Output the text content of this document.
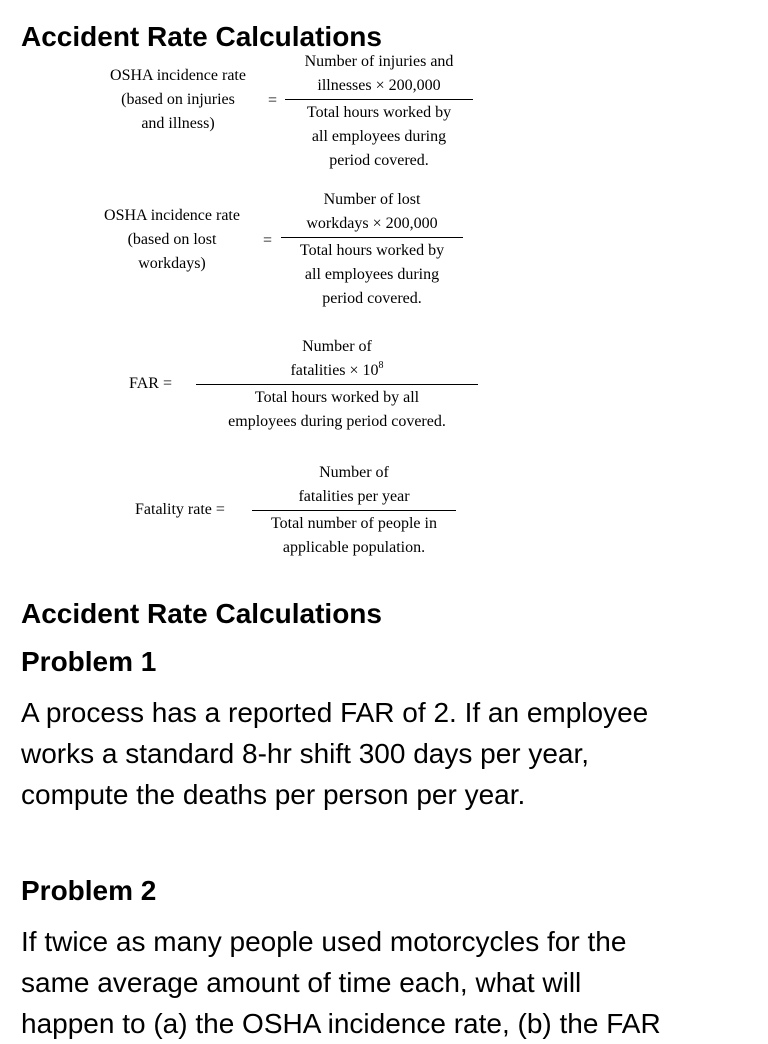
Accident Rate Calculations
OSHA incidence rate
(based on injuries
and illness)
=
Number of injuries and
illnesses × 200,000
Total hours worked by
all employees during
period covered.
OSHA incidence rate
(based on lost
workdays)
=
Number of lost
workdays × 200,000
Total hours worked by
all employees during
period covered.
FAR =
Number of
fatalities × $10^8$
Total hours worked by all
employees during period covered.
Fatality rate =
Number of
fatalities per year
Total number of people in
applicable population.
Accident Rate Calculations
Problem 1
A process has a reported FAR of 2. If an employee
works a standard 8-hr shift 300 days per year,
compute the deaths per person per year.
Problem 2
If twice as many people used motorcycles for the
same average amount of time each, what will
happen to (a) the OSHA incidence rate, (b) the FAR
